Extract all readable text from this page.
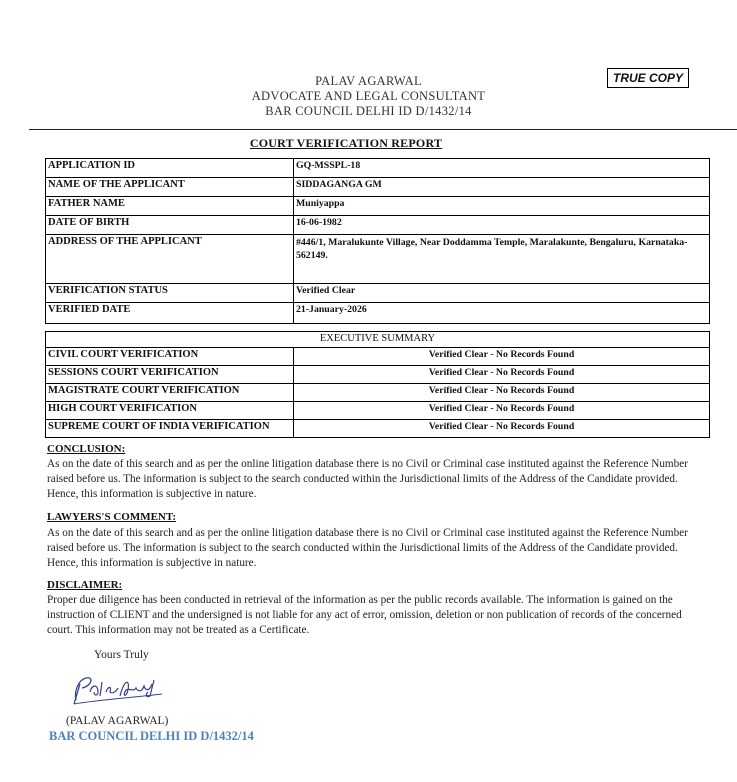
PALAV AGARWAL
ADVOCATE AND LEGAL CONSULTANT
BAR COUNCIL DELHI ID D/1432/14
TRUE COPY
COURT VERIFICATION REPORT
APPLICATION ID	GQ-MSSPL-18
NAME OF THE APPLICANT	SIDDAGANGA GM
FATHER NAME	Muniyappa
DATE OF BIRTH	16-06-1982
ADDRESS OF THE APPLICANT	#446/1, Maralukunte Village, Near Doddamma Temple, Maralakunte, Bengaluru, Karnataka-562149.
VERIFICATION STATUS	Verified Clear
VERIFIED DATE	21-January-2026
EXECUTIVE SUMMARY	
CIVIL COURT VERIFICATION	Verified Clear - No Records Found
SESSIONS COURT VERIFICATION	Verified Clear - No Records Found
MAGISTRATE COURT VERIFICATION	Verified Clear - No Records Found
HIGH COURT VERIFICATION	Verified Clear - No Records Found
SUPREME COURT OF INDIA VERIFICATION	Verified Clear - No Records Found
CONCLUSION:
As on the date of this search and as per the online litigation database there is no Civil or Criminal case instituted against the Reference Number raised before us. The information is subject to the search conducted within the Jurisdictional limits of the Address of the Candidate provided. Hence, this information is subjective in nature.
LAWYERS'S COMMENT:
As on the date of this search and as per the online litigation database there is no Civil or Criminal case instituted against the Reference Number raised before us. The information is subject to the search conducted within the Jurisdictional limits of the Address of the Candidate provided. Hence, this information is subjective in nature.
DISCLAIMER:
Proper due diligence has been conducted in retrieval of the information as per the public records available. The information is gained on the instruction of CLIENT and the undersigned is not liable for any act of error, omission, deletion or non publication of records of the concerned court. This information may not be treated as a Certificate.
Yours Truly
(PALAV AGARWAL)
BAR COUNCIL DELHI ID D/1432/14
